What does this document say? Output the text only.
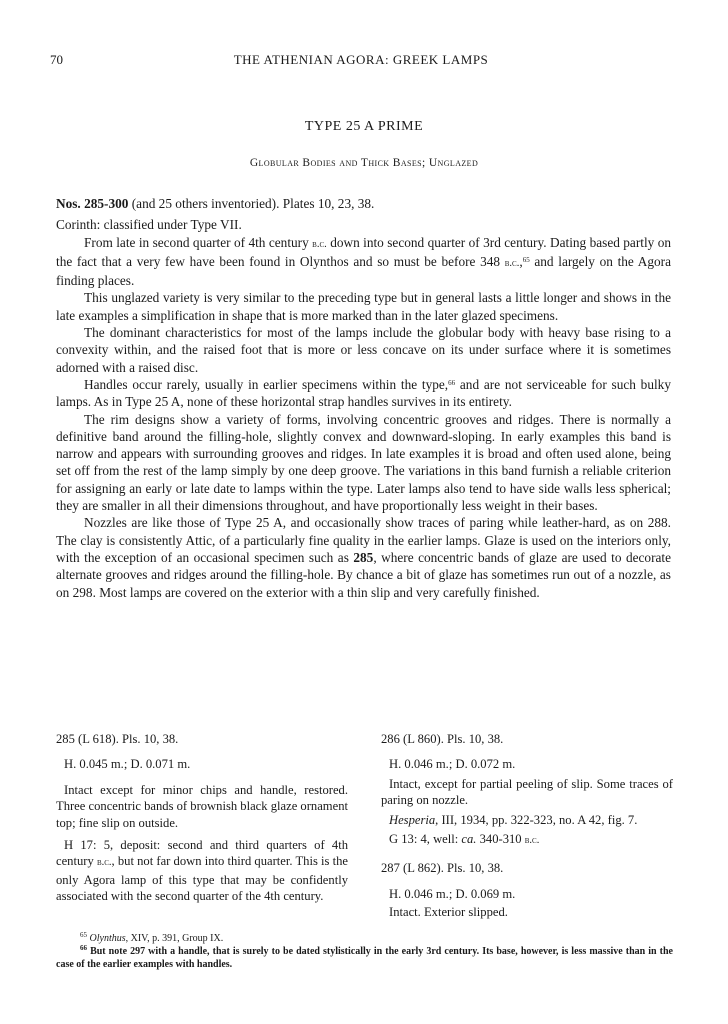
70	THE ATHENIAN AGORA: GREEK LAMPS
TYPE 25 A PRIME
Globular Bodies and Thick Bases; Unglazed

Nos. 285-300 (and 25 others inventoried). Plates 10, 23, 38.

Corinth: classified under Type VII.

From late in second quarter of 4th century b.c. down into second quarter of 3rd century. Dating based partly on the fact that a very few have been found in Olynthos and so must be before 348 b.c.,$^{65}$ and largely on the Agora finding places.

This unglazed variety is very similar to the preceding type but in general lasts a little longer and shows in the late examples a simplification in shape that is more marked than in the later glazed specimens.

The dominant characteristics for most of the lamps include the globular body with heavy base rising to a convexity within, and the raised foot that is more or less concave on its under surface where it is sometimes adorned with a raised disc.

Handles occur rarely, usually in earlier specimens within the type,$^{66}$ and are not serviceable for such bulky lamps. As in Type 25 A, none of these horizontal strap handles survives in its entirety.

The rim designs show a variety of forms, involving concentric grooves and ridges. There is normally a definitive band around the filling-hole, slightly convex and downward-sloping. In early examples this band is narrow and appears with surrounding grooves and ridges. In late examples it is broad and often used alone, being set off from the rest of the lamp simply by one deep groove. The variations in this band furnish a reliable criterion for assigning an early or late date to lamps within the type. Later lamps also tend to have side walls less spherical; they are smaller in all their dimensions throughout, and have proportionally less weight in their bases.

Nozzles are like those of Type 25 A, and occasionally show traces of paring while leather-hard, as on 288. The clay is consistently Attic, of a particularly fine quality in the earlier lamps. Glaze is used on the interiors only, with the exception of an occasional specimen such as 285, where concentric bands of glaze are used to decorate alternate grooves and ridges around the filling-hole. By chance a bit of glaze has sometimes run out of a nozzle, as on 298. Most lamps are covered on the exterior with a thin slip and very carefully finished.

285 (L 618). Pls. 10, 38.

H. 0.045 m.; D. 0.071 m.

Intact except for minor chips and handle, restored. Three concentric bands of brownish black glaze ornament top; fine slip on outside.

H 17: 5, deposit: second and third quarters of 4th century b.c., but not far down into third quarter. This is the only Agora lamp of this type that may be confidently associated with the second quarter of the 4th century.

286 (L 860). Pls. 10, 38.

H. 0.046 m.; D. 0.072 m.

Intact, except for partial peeling of slip. Some traces of paring on nozzle.

Hesperia, III, 1934, pp. 322-323, no. A 42, fig. 7.

G 13: 4, well: ca. 340-310 b.c.

287 (L 862). Pls. 10, 38.

H. 0.046 m.; D. 0.069 m.

Intact. Exterior slipped.

$^{65}$ Olynthus, XIV, p. 391, Group IX.

$^{66}$ But note 297 with a handle, that is surely to be dated stylistically in the early 3rd century. Its base, however, is less massive than in the case of the earlier examples with handles.
